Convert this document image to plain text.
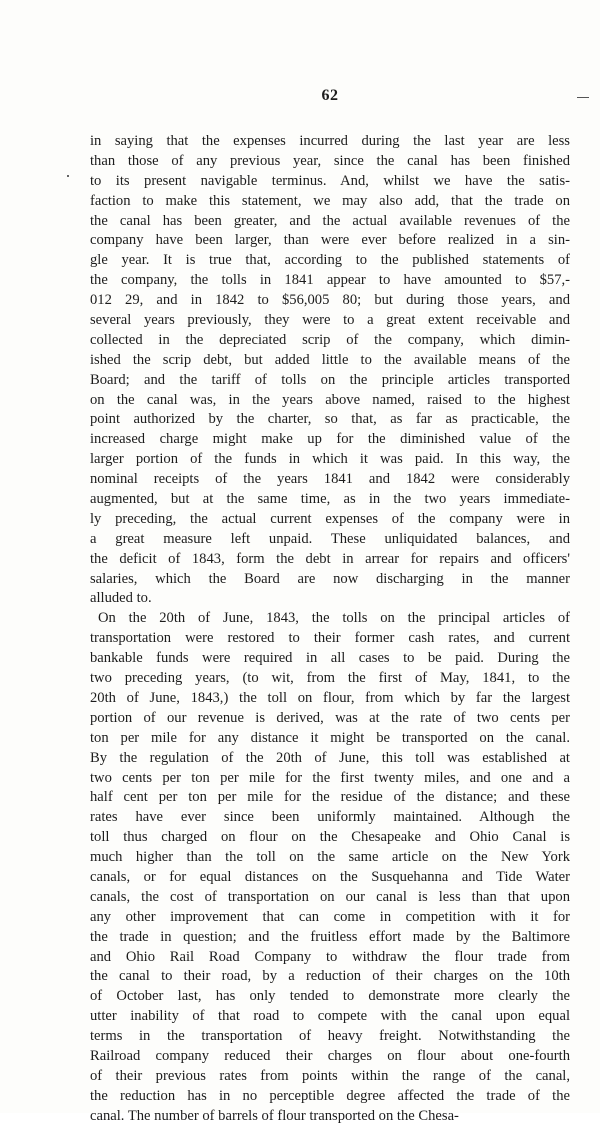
62
in saying that the expenses incurred during the last year are less
than those of any previous year, since the canal has been finished
to its present navigable terminus. And, whilst we have the satis-
faction to make this statement, we may also add, that the trade on
the canal has been greater, and the actual available revenues of the
company have been larger, than were ever before realized in a sin-
gle year. It is true that, according to the published statements of
the company, the tolls in 1841 appear to have amounted to $57,-
012 29, and in 1842 to $56,005 80; but during those years, and
several years previously, they were to a great extent receivable and
collected in the depreciated scrip of the company, which dimin-
ished the scrip debt, but added little to the available means of the
Board; and the tariff of tolls on the principle articles transported
on the canal was, in the years above named, raised to the highest
point authorized by the charter, so that, as far as practicable, the
increased charge might make up for the diminished value of the
larger portion of the funds in which it was paid. In this way, the
nominal receipts of the years 1841 and 1842 were considerably
augmented, but at the same time, as in the two years immediate-
ly preceding, the actual current expenses of the company were in
a great measure left unpaid. These unliquidated balances, and
the deficit of 1843, form the debt in arrear for repairs and officers'
salaries, which the Board are now discharging in the manner
alluded to.
On the 20th of June, 1843, the tolls on the principal articles of
transportation were restored to their former cash rates, and current
bankable funds were required in all cases to be paid. During the
two preceding years, (to wit, from the first of May, 1841, to the
20th of June, 1843,) the toll on flour, from which by far the largest
portion of our revenue is derived, was at the rate of two cents per
ton per mile for any distance it might be transported on the canal.
By the regulation of the 20th of June, this toll was established at
two cents per ton per mile for the first twenty miles, and one and a
half cent per ton per mile for the residue of the distance; and these
rates have ever since been uniformly maintained. Although the
toll thus charged on flour on the Chesapeake and Ohio Canal is
much higher than the toll on the same article on the New York
canals, or for equal distances on the Susquehanna and Tide Water
canals, the cost of transportation on our canal is less than that upon
any other improvement that can come in competition with it for
the trade in question; and the fruitless effort made by the Baltimore
and Ohio Rail Road Company to withdraw the flour trade from
the canal to their road, by a reduction of their charges on the 10th
of October last, has only tended to demonstrate more clearly the
utter inability of that road to compete with the canal upon equal
terms in the transportation of heavy freight. Notwithstanding the
Railroad company reduced their charges on flour about one-fourth
of their previous rates from points within the range of the canal,
the reduction has in no perceptible degree affected the trade of the
canal. The number of barrels of flour transported on the Chesa-
